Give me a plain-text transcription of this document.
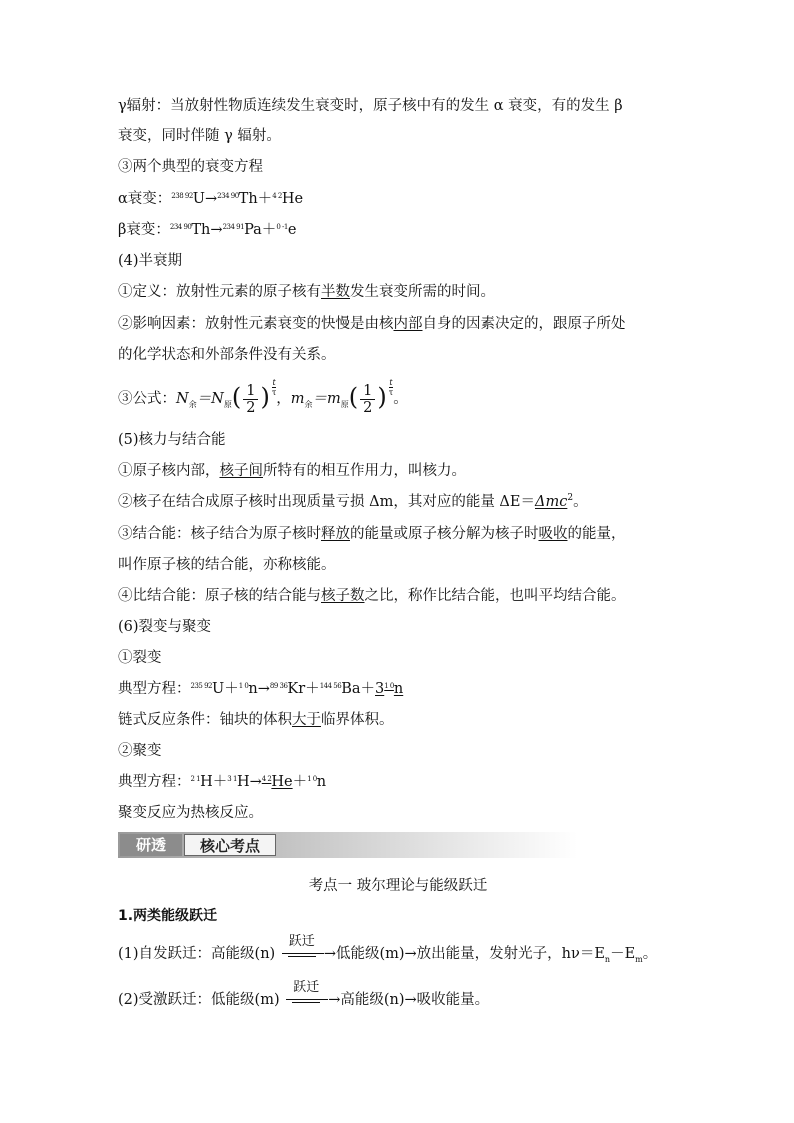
γ辐射：当放射性物质连续发生衰变时，原子核中有的发生 α 衰变，有的发生 β
衰变，同时伴随 γ 辐射。
③两个典型的衰变方程
α衰变：$^{238 92}$U→$^{234 90}$Th＋$^{4 2}$He
β衰变：$^{234 90}$Th→$^{234 91}$Pa＋$^{0 -1}$e
(4)半衰期
①定义：放射性元素的原子核有半数发生衰变所需的时间。
②影响因素：放射性元素衰变的快慢是由核内部自身的因素决定的，跟原子所处
的化学状态和外部条件没有关系。
③公式：$N_余=N_原( \frac{1}{2}$ ) $\frac{t}{\tau}$
，$m_余=m_原( \frac{1}{2}$ ) $\frac{t}{\tau}$
。
(5)核力与结合能
①原子核内部，核子间所特有的相互作用力，叫核力。
②核子在结合成原子核时出现质量亏损 Δm，其对应的能量 ΔE＝Δmc$^2$。
③结合能：核子结合为原子核时释放的能量或原子核分解为核子时吸收的能量，
叫作原子核的结合能，亦称核能。
④比结合能：原子核的结合能与核子数之比，称作比结合能，也叫平均结合能。
(6)裂变与聚变
①裂变
典型方程：$^{235 92}U+^{1 0}n\to^{89 36}Kr+^{144 56}Ba+3^{1 0}n$
链式反应条件：铀块的体积大于临界体积。
②聚变
典型方程：$^{2 1}$H＋$^{3 1}$H→$^{4 2}$He＋$^{1 0}$n
聚变反应为热核反应。
研透	核心考点
考点一 玻尔理论与能级跃迁
1.两类能级跃迁
(1)自发跃迁：高能级(n)
跃迁
→低能级(m)→放出能量，发射光子，$h\nu=E_n-E_m$。
(2)受激跃迁：低能级(m)
跃迁
→高能级(n)→吸收能量。
